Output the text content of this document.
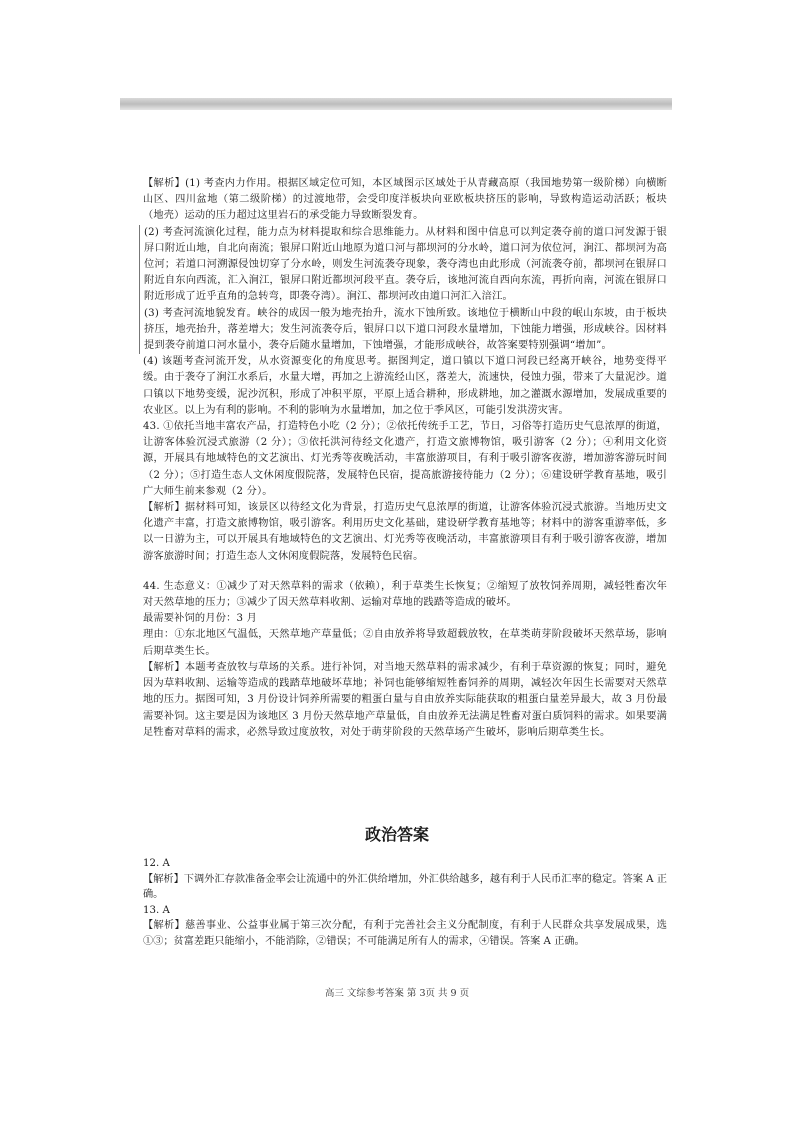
【解析】(1) 考查内力作用。根据区域定位可知，本区域图示区域处于从青藏高原（我国地势第一级阶梯）向横断山区、四川盆地（第二级阶梯）的过渡地带，会受印度洋板块向亚欧板块挤压的影响，导致构造运动活跃；板块（地壳）运动的压力超过这里岩石的承受能力导致断裂发育。

(2) 考查河流演化过程，能力点为材料提取和综合思维能力。从材料和图中信息可以判定袭夺前的道口河发源于银屏口附近山地，自北向南流；银屏口附近山地原为道口河与都坝河的分水岭，道口河为依位河，涧江、都坝河为高位河；若道口河溯源侵蚀切穿了分水岭，则发生河流袭夺现象，袭夺湾也由此形成（河流袭夺前，都坝河在银屏口附近自东向西流，汇入涧江，银屏口附近都坝河段平直。袭夺后，该地河流自西向东流，再折向南，河流在银屏口附近形成了近乎直角的急转弯，即袭夺湾）。涧江、都坝河改由道口河汇入涪江。

(3) 考查河流地貌发育。峡谷的成因一般为地壳抬升，流水下蚀所致。该地位于横断山中段的岷山东坡，由于板块挤压，地壳抬升，落差增大；发生河流袭夺后，银屏口以下道口河段水量增加，下蚀能力增强，形成峡谷。因材料提到袭夺前道口河水量小，袭夺后随水量增加，下蚀增强，才能形成峡谷，故答案要特别强调“增加”。

(4) 该题考查河流开发，从水资源变化的角度思考。据图判定，道口镇以下道口河段已经离开峡谷，地势变得平缓。由于袭夺了涧江水系后，水量大增，再加之上游流经山区，落差大，流速快，侵蚀力强，带来了大量泥沙。道口镇以下地势变缓，泥沙沉积，形成了冲积平原，平原上适合耕种，形成耕地，加之灌溉水源增加，发展成重要的农业区。以上为有利的影响。不利的影响为水量增加，加之位于季风区，可能引发洪涝灾害。

43. ①依托当地丰富农产品，打造特色小吃（2 分）；②依托传统手工艺，节日，习俗等打造历史气息浓厚的街道，让游客体验沉浸式旅游（2 分）；③依托洪河待经文化遗产，打造文旅博物馆，吸引游客（2 分）；④利用文化资源，开展具有地域特色的文艺演出、灯光秀等夜晚活动，丰富旅游项目，有利于吸引游客夜游，增加游客游玩时间（2 分）；⑤打造生态人文休闲度假院落，发展特色民宿，提高旅游接待能力（2 分）；⑥建设研学教育基地，吸引广大师生前来参观（2 分）。

【解析】据材料可知，该景区以待经文化为背景，打造历史气息浓厚的街道，让游客体验沉浸式旅游。当地历史文化遗产丰富，打造文旅博物馆，吸引游客。利用历史文化基础，建设研学教育基地等；材料中的游客重游率低，多以一日游为主，可以开展具有地域特色的文艺演出、灯光秀等夜晚活动，丰富旅游项目有利于吸引游客夜游，增加游客旅游时间；打造生态人文休闲度假院落，发展特色民宿。

44. 生态意义：①减少了对天然草料的需求（依赖），利于草类生长恢复；②缩短了放牧饲养周期，减轻牲畜次年对天然草地的压力；③减少了因天然草料收割、运输对草地的践踏等造成的破坏。

最需要补饲的月份：3 月

理由：①东北地区气温低，天然草地产草量低；②自由放养将导致超载放牧，在草类萌芽阶段破坏天然草场，影响后期草类生长。

【解析】本题考查放牧与草场的关系。进行补饲，对当地天然草料的需求减少，有利于草资源的恢复；同时，避免因为草料收割、运输等造成的践踏草地破坏草地；补饲也能够缩短牲畜饲养的周期，减轻次年因生长需要对天然草地的压力。据图可知，3 月份设计饲养所需要的粗蛋白量与自由放养实际能获取的粗蛋白量差异最大，故 3 月份最需要补饲。这主要是因为该地区 3 月份天然草地产草量低，自由放养无法满足牲畜对蛋白质饲料的需求。如果要满足牲畜对草料的需求，必然导致过度放牧，对处于萌芽阶段的天然草场产生破坏，影响后期草类生长。

政治答案

12. A

【解析】下调外汇存款准备金率会让流通中的外汇供给增加，外汇供给越多，越有利于人民币汇率的稳定。答案 A 正确。

13. A

【解析】慈善事业、公益事业属于第三次分配，有利于完善社会主义分配制度，有利于人民群众共享发展成果，选①③；贫富差距只能缩小，不能消除，②错误；不可能满足所有人的需求，④错误。答案 A 正确。

高三 文综参考答案 第 3页 共 9 页
